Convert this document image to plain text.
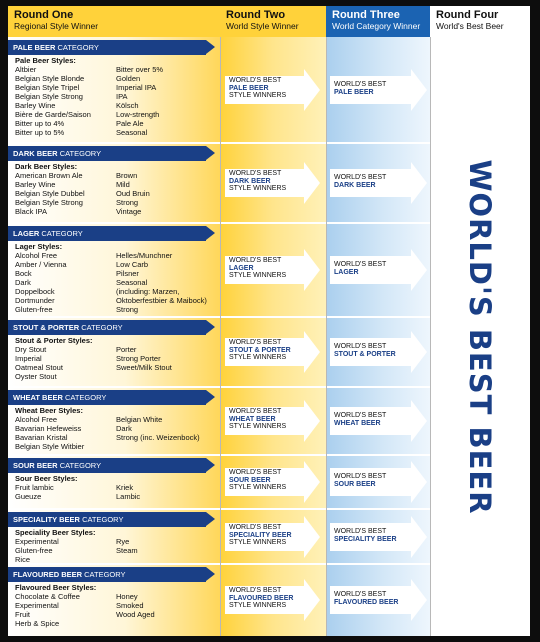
Round One
Regional Style Winner
Round Two
World Style Winner
Round Three
World Category Winner
Round Four
World's Best Beer
PALE BEER CATEGORY
Pale Beer Styles:
Altbier
Belgian Style Blonde
Belgian Style Tripel
Belgian Style Strong
Barley Wine
Bière de Garde/Saison
Bitter up to 4%
Bitter up to 5%
Bitter over 5%
Golden
Imperial IPA
IPA
Kölsch
Low-strength
Pale Ale
Seasonal
WORLD'S BEST
PALE BEER
STYLE WINNERS
WORLD'S BEST
PALE BEER
DARK BEER CATEGORY
Dark Beer Styles:
American Brown Ale
Barley Wine
Belgian Style Dubbel
Belgian Style Strong
Black IPA
Brown
Mild
Oud Bruin
Strong
Vintage
WORLD'S BEST
DARK BEER
STYLE WINNERS
WORLD'S BEST
DARK BEER
LAGER CATEGORY
Lager Styles:
Alcohol Free
Amber / Vienna
Bock
Dark
Doppelbock
Dortmunder
Gluten-free
Helles/Munchner
Low Carb
Pilsner
Seasonal
(including: Marzen,
Oktoberfestbier & Maibock)
Strong
WORLD'S BEST
LAGER
STYLE WINNERS
WORLD'S BEST
LAGER
STOUT & PORTER CATEGORY
Stout & Porter Styles:
Dry Stout
Imperial
Oatmeal Stout
Oyster Stout
Porter
Strong Porter
Sweet/Milk Stout
WORLD'S BEST
STOUT & PORTER
STYLE WINNERS
WORLD'S BEST
STOUT & PORTER
WHEAT BEER CATEGORY
Wheat Beer Styles:
Alcohol Free
Bavarian Hefeweiss
Bavarian Kristal
Belgian Style Witbier
Belgian White
Dark
Strong (inc. Weizenbock)
WORLD'S BEST
WHEAT BEER
STYLE WINNERS
WORLD'S BEST
WHEAT BEER
SOUR BEER CATEGORY
Sour Beer Styles:
Fruit lambic
Gueuze
Kriek
Lambic
WORLD'S BEST
SOUR BEER
STYLE WINNERS
WORLD'S BEST
SOUR BEER
SPECIALITY BEER CATEGORY
Speciality Beer Styles:
Experimental
Gluten-free
Rice
Rye
Steam
WORLD'S BEST
SPECIALITY BEER
STYLE WINNERS
WORLD'S BEST
SPECIALITY BEER
FLAVOURED BEER CATEGORY
Flavoured Beer Styles:
Chocolate & Coffee
Experimental
Fruit
Herb & Spice
Honey
Smoked
Wood Aged
WORLD'S BEST
FLAVOURED BEER
STYLE WINNERS
WORLD'S BEST
FLAVOURED BEER
WORLD'S BEST BEER
